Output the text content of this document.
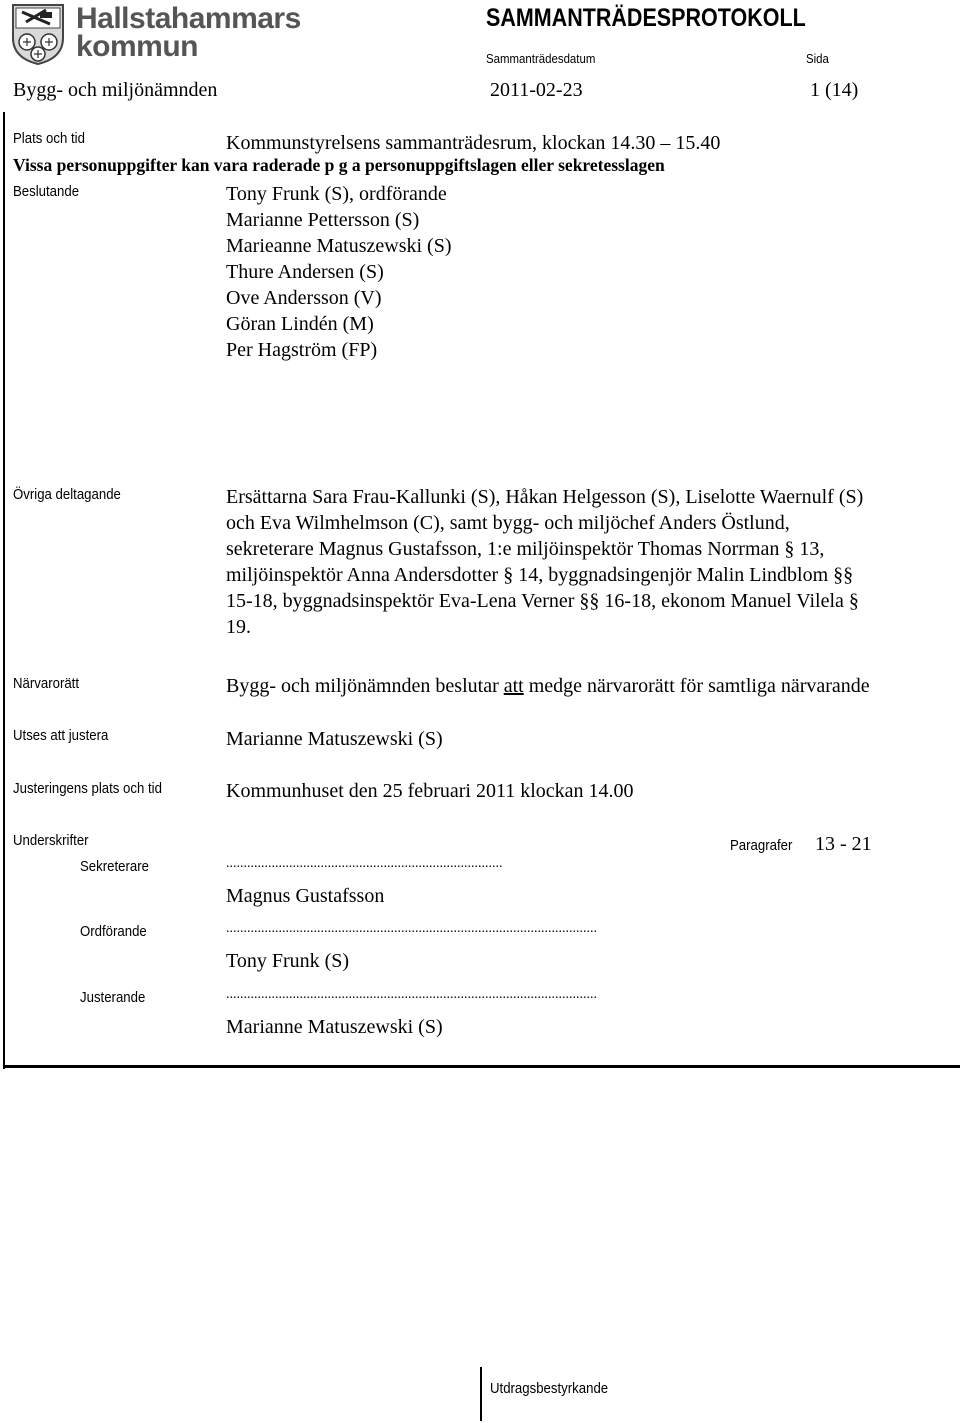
Hallstahammars
kommun
SAMMANTRÄDESPROTOKOLL
Sammanträdesdatum	Sida
Bygg- och miljönämnden	2011-02-23	1 (14)
Plats och tid	Kommunstyrelsens sammanträdesrum, klockan 14.30 – 15.40
Vissa personuppgifter kan vara raderade p g a personuppgiftslagen eller sekretesslagen
Beslutande	Tony Frunk (S), ordförande
Marianne Pettersson (S)
Marieanne Matuszewski (S)
Thure Andersen (S)
Ove Andersson (V)
Göran Lindén (M)
Per Hagström (FP)
Övriga deltagande	Ersättarna Sara Frau-Kallunki (S), Håkan Helgesson (S), Liselotte Waernulf (S)
och Eva Wilmhelmson (C), samt bygg- och miljöchef Anders Östlund,
sekreterare Magnus Gustafsson, 1:e miljöinspektör Thomas Norrman § 13,
miljöinspektör Anna Andersdotter § 14, byggnadsingenjör Malin Lindblom §§
15-18, byggnadsinspektör Eva-Lena Verner §§ 16-18, ekonom Manuel Vilela §
19.
Närvarorätt	Bygg- och miljönämnden beslutar att medge närvarorätt för samtliga närvarande
Utses att justera	Marianne Matuszewski (S)
Justeringens plats och tid	Kommunhuset den 25 februari 2011 klockan 14.00
Underskrifter	Paragrafer 13 - 21
Sekreterare	...............................................................................
Magnus Gustafsson
Ordförande	..........................................................................................................
Tony Frunk (S)
Justerande	..........................................................................................................
Marianne Matuszewski (S)
Utdragsbestyrkande
